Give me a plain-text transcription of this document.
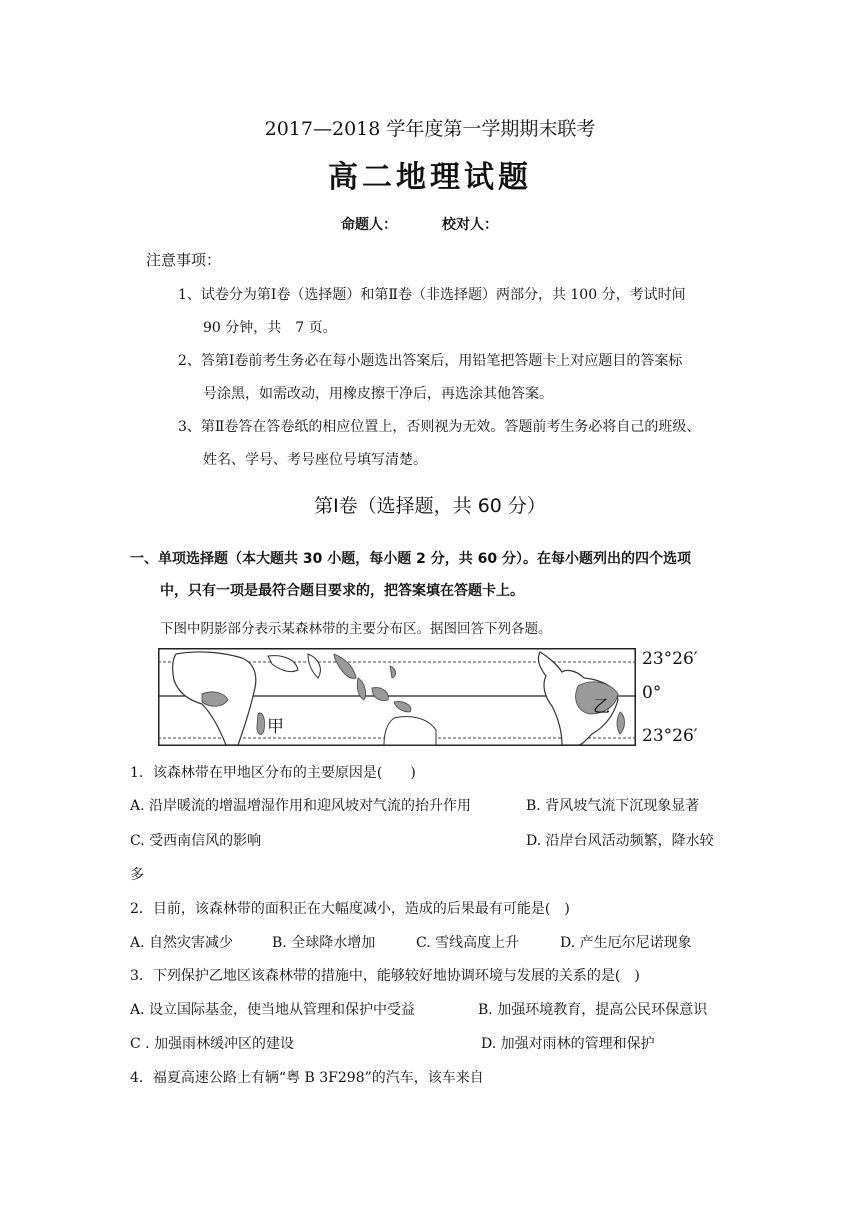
2017—2018 学年度第一学期期末联考
高二地理试题
命题人：	校对人：
注意事项：
1、试卷分为第Ⅰ卷（选择题）和第Ⅱ卷（非选择题）两部分，共 100 分，考试时间
90 分钟，共　7 页。
2、答第Ⅰ卷前考生务必在每小题选出答案后，用铅笔把答题卡上对应题目的答案标
号涂黑，如需改动，用橡皮擦干净后，再选涂其他答案。
3、第Ⅱ卷答在答卷纸的相应位置上，否则视为无效。答题前考生务必将自己的班级、
姓名、学号、考号座位号填写清楚。
第Ⅰ卷（选择题，共 60 分）
一、单项选择题（本大题共 30 小题，每小题 2 分，共 60 分）。在每小题列出的四个选项
中，只有一项是最符合题目要求的，把答案填在答题卡上。
下图中阴影部分表示某森林带的主要分布区。据图回答下列各题。
甲
乙
23°26′
0°
23°26′
1．该森林带在甲地区分布的主要原因是(　　)
A. 沿岸暖流的增温增湿作用和迎风坡对气流的抬升作用	B. 背风坡气流下沉现象显著
C. 受西南信风的影响	D. 沿岸台风活动频繁，降水较
多
2．目前，该森林带的面积正在大幅度减小，造成的后果最有可能是(　)
A. 自然灾害减少	B. 全球降水增加	C. 雪线高度上升	D. 产生厄尔尼诺现象
3．下列保护乙地区该森林带的措施中，能够较好地协调环境与发展的关系的是(　)
A. 设立国际基金，使当地从管理和保护中受益	B. 加强环境教育，提高公民环保意识
C . 加强雨林缓冲区的建设	D. 加强对雨林的管理和保护
4．福夏高速公路上有辆“粤 B 3F298”的汽车，该车来自
